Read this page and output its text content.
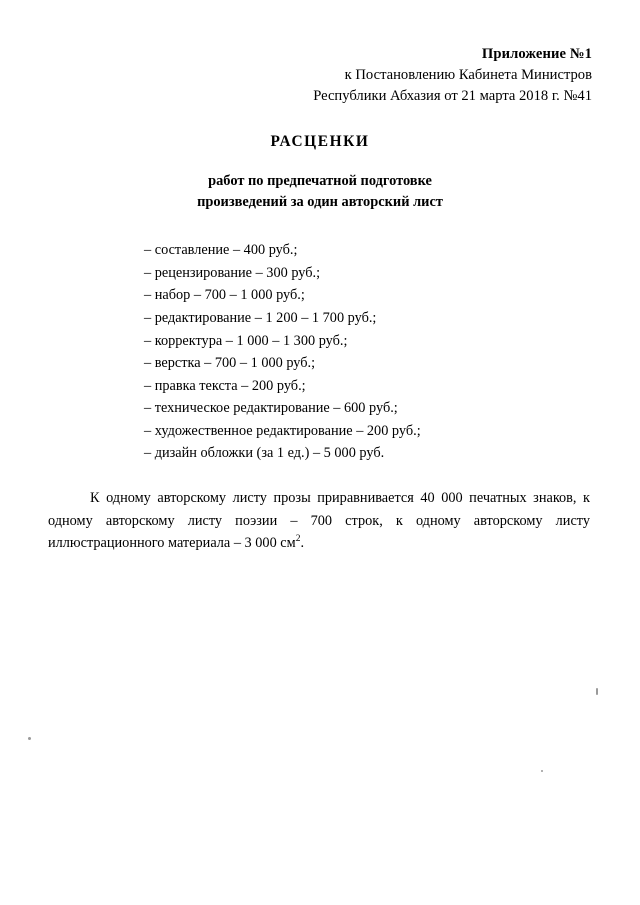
Приложение №1
к Постановлению Кабинета Министров
Республики Абхазия от 21 марта 2018 г. №41
РАСЦЕНКИ
работ по предпечатной подготовке
произведений за один авторский лист
– составление – 400 руб.;
– рецензирование – 300 руб.;
– набор – 700 – 1 000 руб.;
– редактирование – 1 200 – 1 700 руб.;
– корректура – 1 000 – 1 300 руб.;
– верстка – 700 – 1 000 руб.;
– правка текста – 200 руб.;
– техническое редактирование – 600 руб.;
– художественное редактирование – 200 руб.;
– дизайн обложки (за 1 ед.) – 5 000 руб.

К одному авторскому листу прозы приравнивается 40 000 печатных знаков, к одному авторскому листу поэзии – 700 строк, к одному авторскому листу иллюстрационного материала – 3 000 $см^2$.
